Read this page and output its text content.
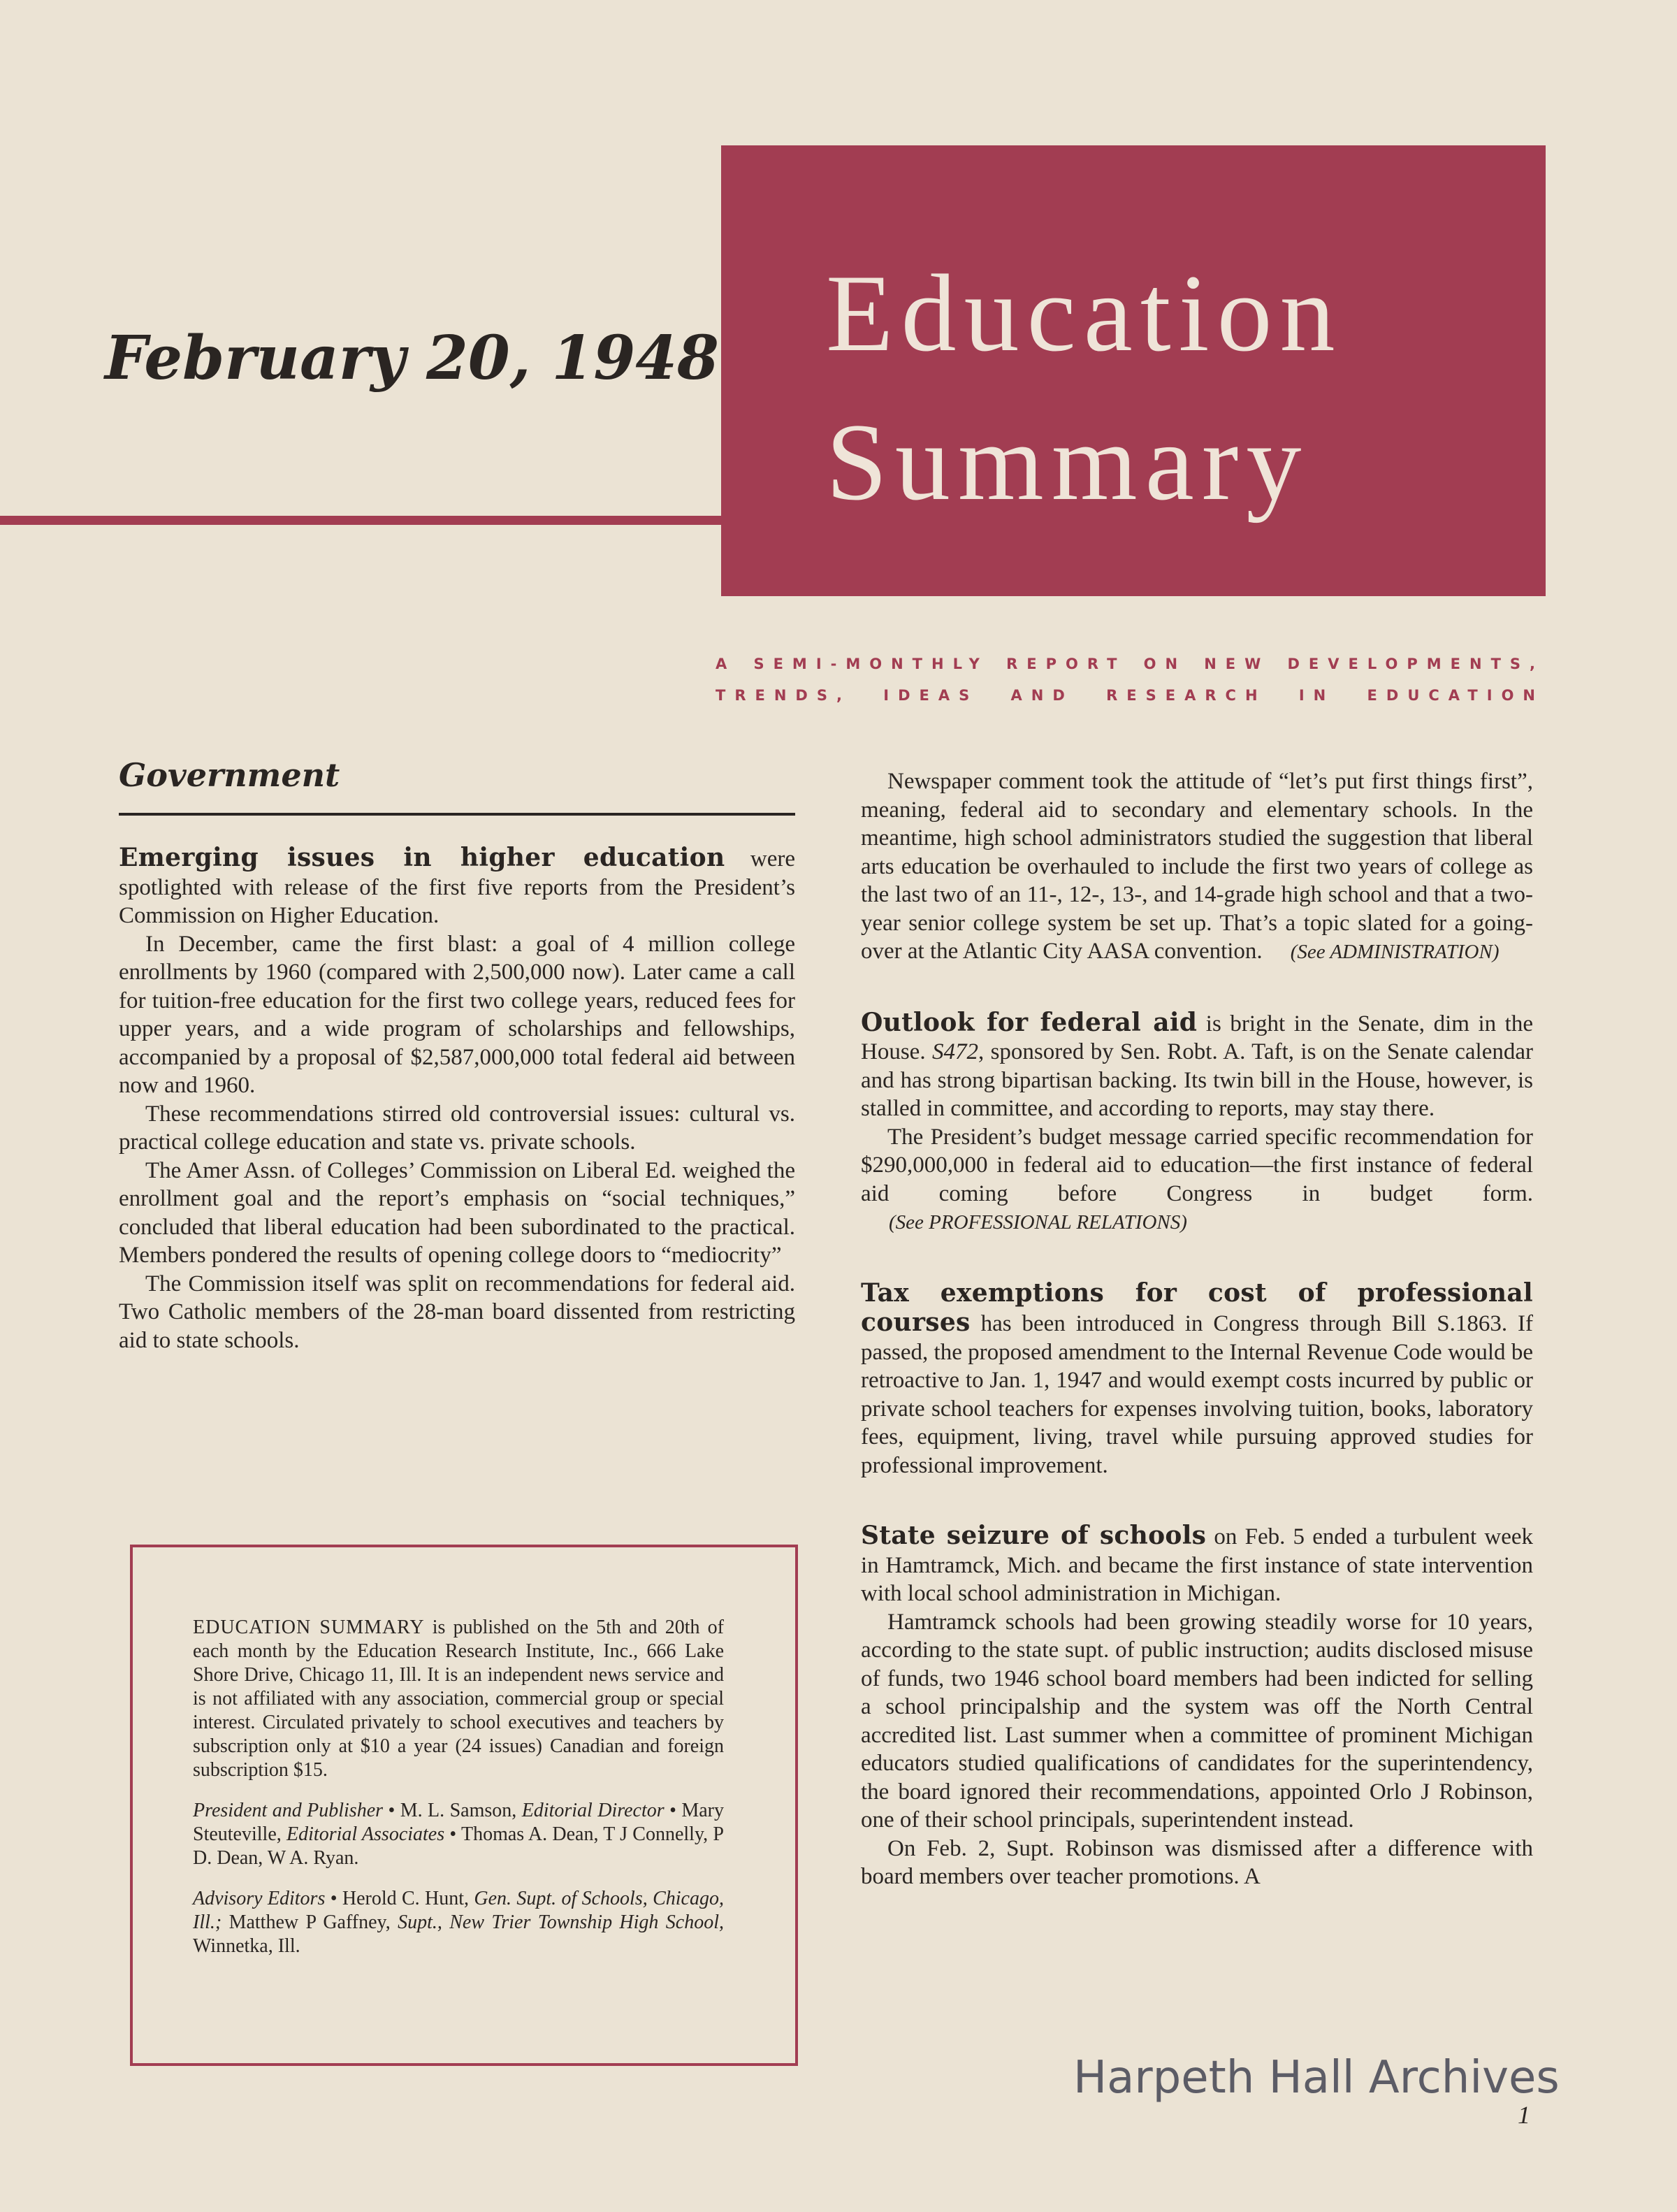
Education
Summary
February 20, 1948
A SEMI-MONTHLY REPORT ON NEW DEVELOPMENTS,
TRENDS, IDEAS AND RESEARCH IN EDUCATION
Government

Emerging issues in higher education were spotlighted with release of the first five reports from the President’s Commission on Higher Education.

In December, came the first blast: a goal of 4 million college enrollments by 1960 (compared with 2,500,000 now). Later came a call for tuition-free education for the first two college years, reduced fees for upper years, and a wide program of scholarships and fellowships, accompanied by a proposal of $2,587,000,000 total federal aid between now and 1960.

These recommendations stirred old controversial issues: cultural vs. practical college education and state vs. private schools.

The Amer Assn. of Colleges’ Commission on Liberal Ed. weighed the enrollment goal and the report’s emphasis on “social techniques,” concluded that liberal education had been subordinated to the practical. Members pondered the results of opening college doors to “mediocrity”

The Commission itself was split on recommendations for federal aid. Two Catholic members of the 28-man board dissented from restricting aid to state schools.

Newspaper comment took the attitude of “let’s put first things first”, meaning, federal aid to secondary and elementary schools. In the meantime, high school administrators studied the suggestion that liberal arts education be overhauled to include the first two years of college as the last two of an 11-, 12-, 13-, and 14-grade high school and that a two-year senior college system be set up. That’s a topic slated for a going-over at the Atlantic City AASA convention. (See ADMINISTRATION)

Outlook for federal aid is bright in the Senate, dim in the House. S472, sponsored by Sen. Robt. A. Taft, is on the Senate calendar and has strong bipartisan backing. Its twin bill in the House, however, is stalled in committee, and according to reports, may stay there.

The President’s budget message carried specific recommendation for $290,000,000 in federal aid to education—the first instance of federal aid coming before Congress in budget form.(See PROFESSIONAL RELATIONS)

Tax exemptions for cost of professional courses has been introduced in Congress through Bill S.1863. If passed, the proposed amendment to the Internal Revenue Code would be retroactive to Jan. 1, 1947 and would exempt costs incurred by public or private school teachers for expenses involving tuition, books, laboratory fees, equipment, living, travel while pursuing approved studies for professional improvement.

State seizure of schools on Feb. 5 ended a turbulent week in Hamtramck, Mich. and became the first instance of state intervention with local school administration in Michigan.

Hamtramck schools had been growing steadily worse for 10 years, according to the state supt. of public instruction; audits disclosed misuse of funds, two 1946 school board members had been indicted for selling a school principalship and the system was off the North Central accredited list. Last summer when a committee of prominent Michigan educators studied qualifications of candidates for the superintendency, the board ignored their recommendations, appointed Orlo J Robinson, one of their school principals, superintendent instead.

On Feb. 2, Supt. Robinson was dismissed after a difference with board members over teacher promotions. A

EDUCATION SUMMARY is published on the 5th and 20th of each month by the Education Research Institute, Inc., 666 Lake Shore Drive, Chicago 11, Ill. It is an independent news service and is not affiliated with any association, commercial group or special interest. Circulated privately to school executives and teachers by subscription only at $10 a year (24 issues) Canadian and foreign subscription $15.

President and Publisher • M. L. Samson, Editorial Director • Mary Steuteville, Editorial Associates • Thomas A. Dean, T J Connelly, P D. Dean, W A. Ryan.

Advisory Editors • Herold C. Hunt, Gen. Supt. of Schools, Chicago, Ill.; Matthew P Gaffney, Supt., New Trier Township High School, Winnetka, Ill.

Harpeth Hall Archives
1
